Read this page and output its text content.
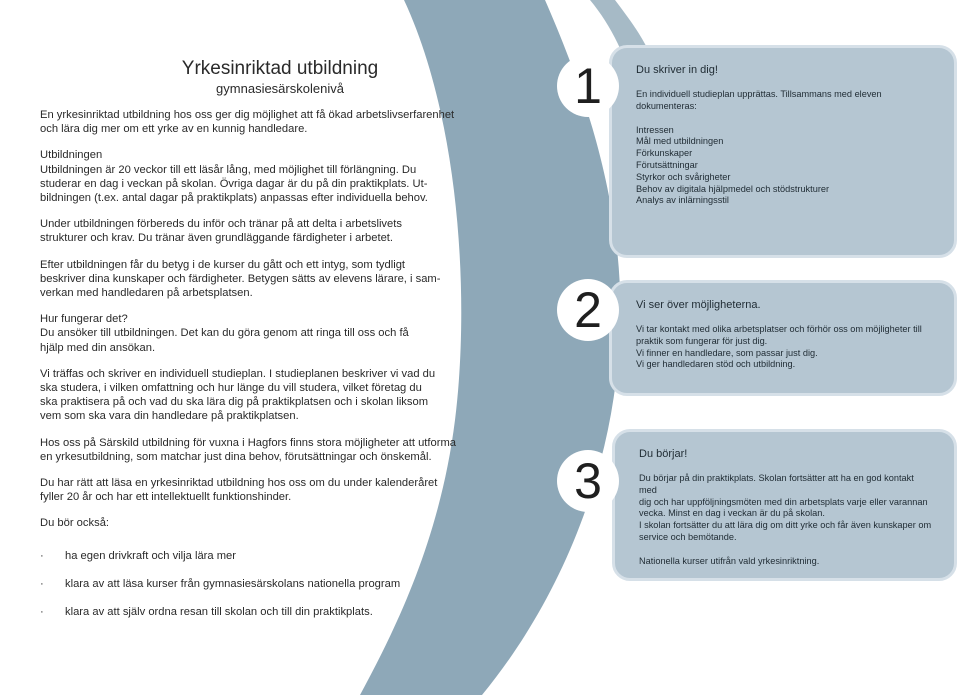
Yrkesinriktad utbildning
gymnasiesärskolenivå
En yrkesinriktad utbildning hos oss ger dig möjlighet att få ökad arbetslivserfarenhet
och lära dig mer om ett yrke av en kunnig handledare.
Utbildningen
Utbildningen är 20 veckor till ett läsår lång, med möjlighet till förlängning. Du
studerar en dag i veckan på skolan. Övriga dagar är du på din praktikplats. Ut-
bildningen (t.ex. antal dagar på praktikplats) anpassas efter individuella behov.
Under utbildningen förbereds du inför och tränar på att delta i arbetslivets
strukturer och krav. Du tränar även grundläggande färdigheter i arbetet.
Efter utbildningen får du betyg i de kurser du gått och ett intyg, som tydligt
beskriver dina kunskaper och färdigheter. Betygen sätts av elevens lärare, i sam-
verkan med handledaren på arbetsplatsen.
Hur fungerar det?
Du ansöker till utbildningen. Det kan du göra genom att ringa till oss och få
hjälp med din ansökan.
Vi träffas och skriver en individuell studieplan. I studieplanen beskriver vi vad du
ska studera, i vilken omfattning och hur länge du vill studera, vilket företag du
ska praktisera på och vad du ska lära dig på praktikplatsen och i skolan liksom
vem som ska vara din handledare på praktikplatsen.
Hos oss på Särskild utbildning för vuxna i Hagfors finns stora möjligheter att utforma
en yrkesutbildning, som matchar just dina behov, förutsättningar och önskemål.
Du har rätt att läsa en yrkesinriktad utbildning hos oss om du under kalenderåret
fyller 20 år och har ett intellektuellt funktionshinder.
Du bör också:
·	ha egen drivkraft och vilja lära mer
·	klara av att läsa kurser från gymnasiesärskolans nationella program
·	klara av att själv ordna resan till skolan och till din praktikplats.
Du skriver in dig!
En individuell studieplan upprättas. Tillsammans med eleven
dokumenteras:
Intressen
Mål med utbildningen
Förkunskaper
Förutsättningar
Styrkor och svårigheter
Behov av digitala hjälpmedel och stödstrukturer
Analys av inlärningsstil
1
Vi ser över möjligheterna.
Vi tar kontakt med olika arbetsplatser och förhör oss om möjligheter till
praktik som fungerar för just dig.
Vi finner en handledare, som passar just dig.
Vi ger handledaren stöd och utbildning.
2
Du börjar!
Du börjar på din praktikplats. Skolan fortsätter att ha en god kontakt med
dig och har uppföljningsmöten med din arbetsplats varje eller varannan
vecka. Minst en dag i veckan är du på skolan.
I skolan fortsätter du att lära dig om ditt yrke och får även kunskaper om
service och bemötande.
Nationella kurser utifrån vald yrkesinriktning.
3
